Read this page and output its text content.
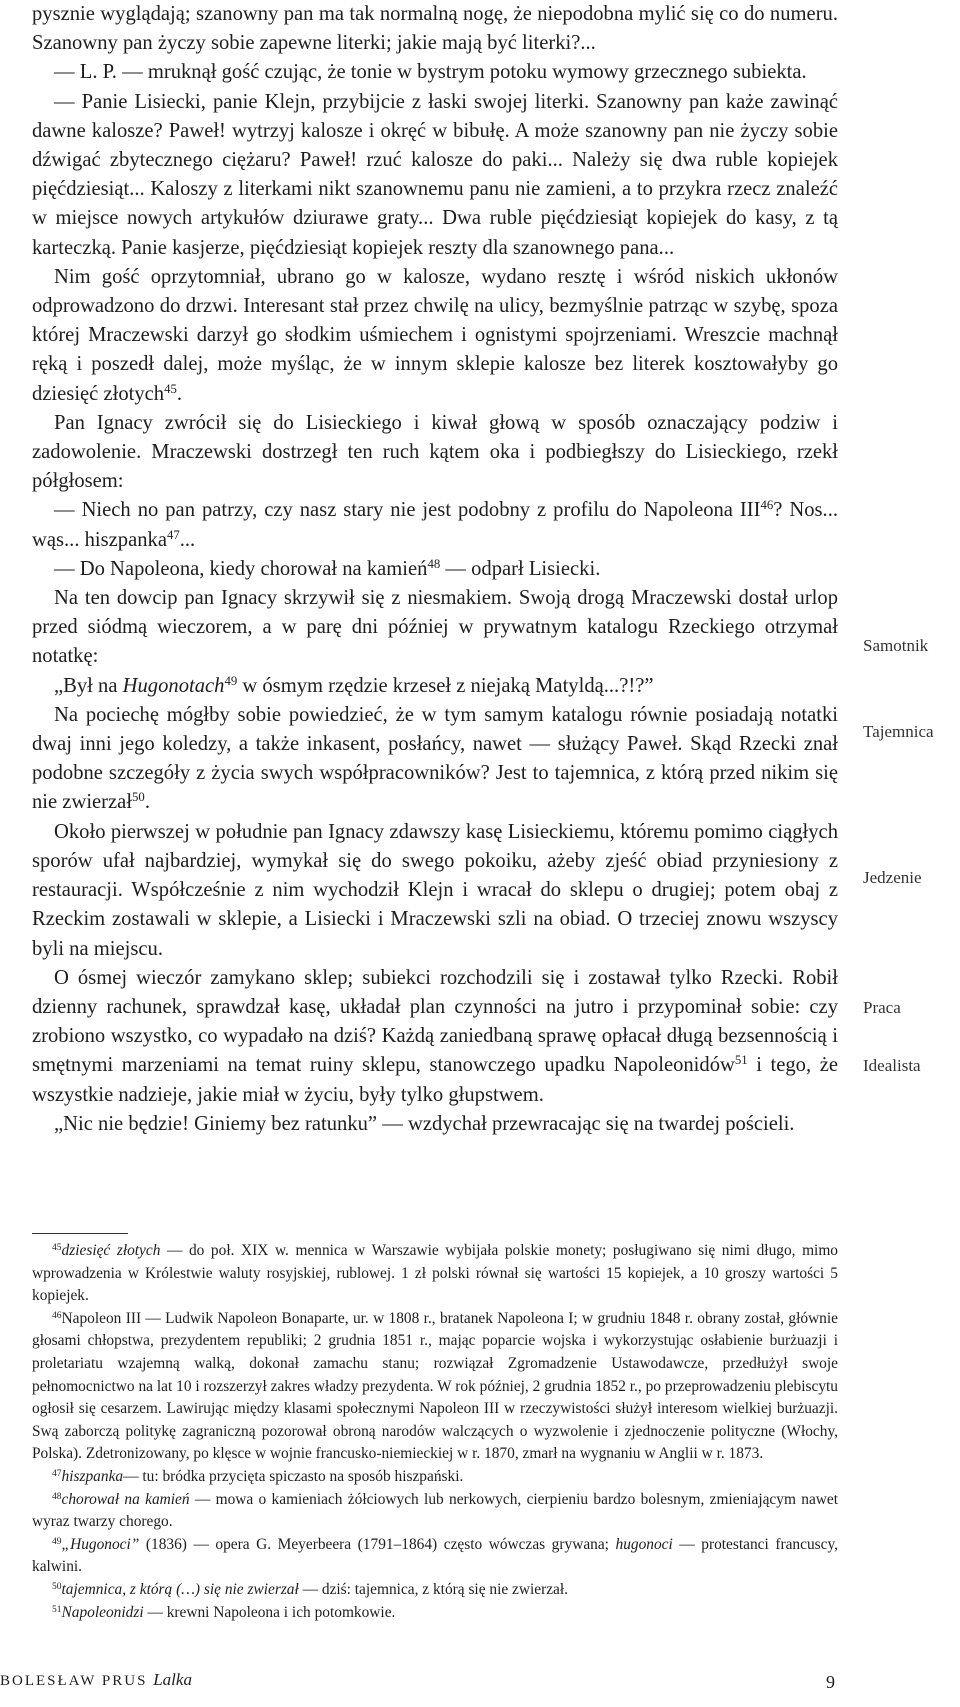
pysznie wyglądają; szanowny pan ma tak normalną nogę, że niepodobna mylić się co do numeru. Szanowny pan życzy sobie zapewne literki; jakie mają być literki?...

— L. P. — mruknął gość czując, że tonie w bystrym potoku wymowy grzecznego subiekta.

— Panie Lisiecki, panie Klejn, przybijcie z łaski swojej literki. Szanowny pan każe zawinąć dawne kalosze? Paweł! wytrzyj kalosze i okręć w bibułę. A może szanowny pan nie życzy sobie dźwigać zbytecznego ciężaru? Paweł! rzuć kalosze do paki... Należy się dwa ruble kopiejek pięćdziesiąt... Kaloszy z literkami nikt szanownemu panu nie zamieni, a to przykra rzecz znaleźć w miejsce nowych artykułów dziurawe graty... Dwa ruble pięćdziesiąt kopiejek do kasy, z tą karteczką. Panie kasjerze, pięćdziesiąt kopiejek reszty dla szanownego pana...

Nim gość oprzytomniał, ubrano go w kalosze, wydano resztę i wśród niskich ukłonów odprowadzono do drzwi. Interesant stał przez chwilę na ulicy, bezmyślnie patrząc w szybę, spoza której Mraczewski darzył go słodkim uśmiechem i ognistymi spojrzeniami. Wreszcie machnął ręką i poszedł dalej, może myśląc, że w innym sklepie kalosze bez literek kosztowałyby go dziesięć złotych$^{45}$.

Pan Ignacy zwrócił się do Lisieckiego i kiwał głową w sposób oznaczający podziw i zadowolenie. Mraczewski dostrzegł ten ruch kątem oka i podbiegłszy do Lisieckiego, rzekł półgłosem:

— Niech no pan patrzy, czy nasz stary nie jest podobny z profilu do Napoleona III$^{46}$? Nos... wąs... hiszpanka$^{47}$...

— Do Napoleona, kiedy chorował na kamień$^{48}$ — odparł Lisiecki.

Na ten dowcip pan Ignacy skrzywił się z niesmakiem. Swoją drogą Mraczewski dostał urlop przed siódmą wieczorem, a w parę dni później w prywatnym katalogu Rzeckiego otrzymał notatkę:

„Był na Hugonotach$^{49}$ w ósmym rzędzie krzeseł z niejaką Matyldą...?!?”

Na pociechę mógłby sobie powiedzieć, że w tym samym katalogu równie posiadają notatki dwaj inni jego koledzy, a także inkasent, posłańcy, nawet — służący Paweł. Skąd Rzecki znał podobne szczegóły z życia swych współpracowników? Jest to tajemnica, z którą przed nikim się nie zwierzał$^{50}$.

Około pierwszej w południe pan Ignacy zdawszy kasę Lisieckiemu, któremu pomimo ciągłych sporów ufał najbardziej, wymykał się do swego pokoiku, ażeby zjeść obiad przyniesiony z restauracji. Współcześnie z nim wychodził Klejn i wracał do sklepu o drugiej; potem obaj z Rzeckim zostawali w sklepie, a Lisiecki i Mraczewski szli na obiad. O trzeciej znowu wszyscy byli na miejscu.

O ósmej wieczór zamykano sklep; subiekci rozchodzili się i zostawał tylko Rzecki. Robił dzienny rachunek, sprawdzał kasę, układał plan czynności na jutro i przypominał sobie: czy zrobiono wszystko, co wypadało na dziś? Każdą zaniedbaną sprawę opłacał długą bezsennością i smętnymi marzeniami na temat ruiny sklepu, stanowczego upadku Napoleonidów$^{51}$ i tego, że wszystkie nadzieje, jakie miał w życiu, były tylko głupstwem.

„Nic nie będzie! Giniemy bez ratunku” — wzdychał przewracając się na twardej pościeli.

Samotnik
Tajemnica
Jedzenie
Praca
Idealista

$^{45}$dziesięć złotych — do poł. XIX w. mennica w Warszawie wybijała polskie monety; posługiwano się nimi długo, mimo wprowadzenia w Królestwie waluty rosyjskiej, rublowej. 1 zł polski równał się wartości 15 kopiejek, a 10 groszy wartości 5 kopiejek.

$^{46}$Napoleon III — Ludwik Napoleon Bonaparte, ur. w 1808 r., bratanek Napoleona I; w grudniu 1848 r. obrany został, głównie głosami chłopstwa, prezydentem republiki; 2 grudnia 1851 r., mając poparcie wojska i wykorzystując osłabienie burżuazji i proletariatu wzajemną walką, dokonał zamachu stanu; rozwiązał Zgromadzenie Ustawodawcze, przedłużył swoje pełnomocnictwo na lat 10 i rozszerzył zakres władzy prezydenta. W rok później, 2 grudnia 1852 r., po przeprowadzeniu plebiscytu ogłosił się cesarzem. Lawirując między klasami społecznymi Napoleon III w rzeczywistości służył interesom wielkiej burżuazji. Swą zaborczą politykę zagraniczną pozorował obroną narodów walczących o wyzwolenie i zjednoczenie polityczne (Włochy, Polska). Zdetronizowany, po klęsce w wojnie francusko-niemieckiej w r. 1870, zmarł na wygnaniu w Anglii w r. 1873.

$^{47}$hiszpanka— tu: bródka przycięta spiczasto na sposób hiszpański.

$^{48}$chorował na kamień — mowa o kamieniach żółciowych lub nerkowych, cierpieniu bardzo bolesnym, zmieniającym nawet wyraz twarzy chorego.

$^{49}$„Hugonoci” (1836) — opera G. Meyerbeera (1791–1864) często wówczas grywana; hugonoci — protestanci francuscy, kalwini.

$^{50}$tajemnica, z którą (…) się nie zwierzał — dziś: tajemnica, z którą się nie zwierzał.

$^{51}$Napoleonidzi — krewni Napoleona i ich potomkowie.

BOLESŁAW PRUS Lalka	9
